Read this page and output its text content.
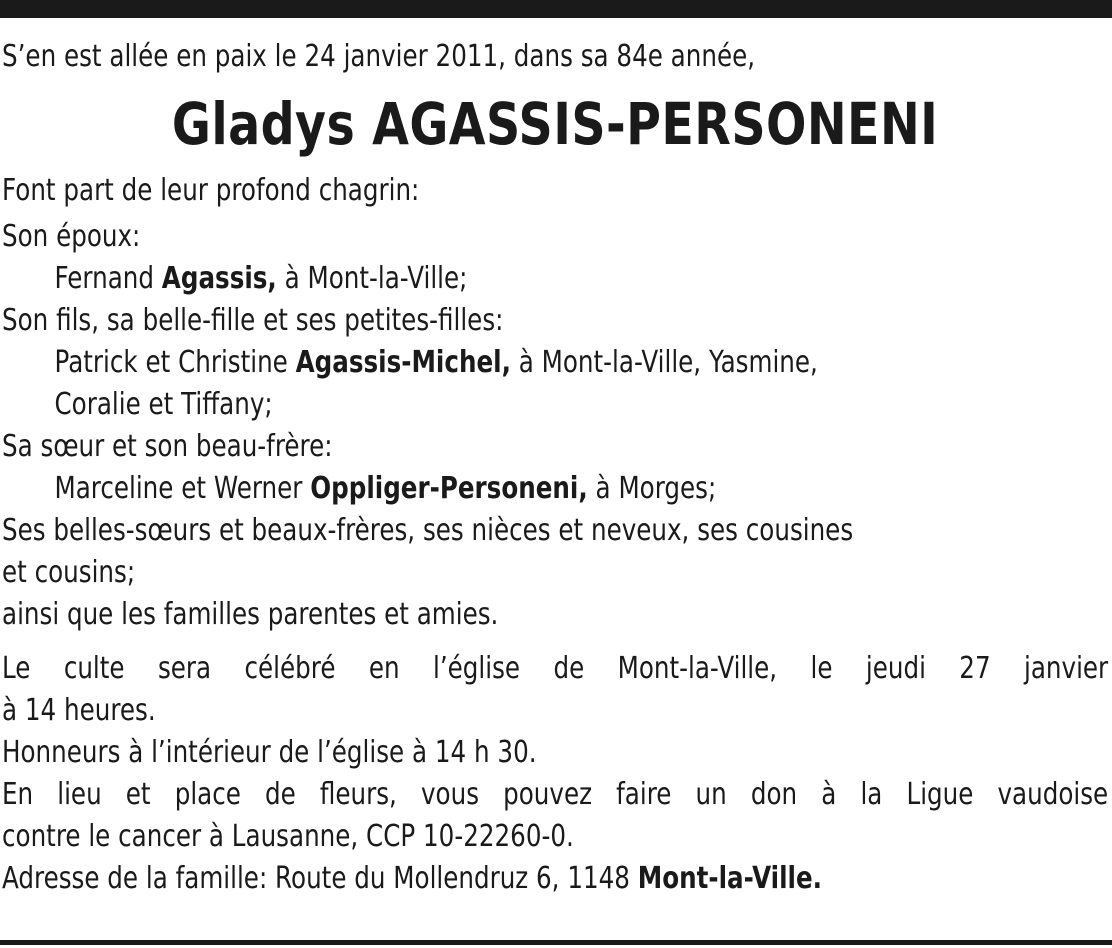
S’en est allée en paix le 24 janvier 2011, dans sa 84e année,
Gladys AGASSIS-PERSONENI
Font part de leur profond chagrin:
Son époux:
Fernand Agassis, à Mont-la-Ville;
Son fils, sa belle-fille et ses petites-filles:
Patrick et Christine Agassis-Michel, à Mont-la-Ville, Yasmine,
Coralie et Tiffany;
Sa sœur et son beau-frère:
Marceline et Werner Oppliger-Personeni, à Morges;
Ses belles-sœurs et beaux-frères, ses nièces et neveux, ses cousines
et cousins;
ainsi que les familles parentes et amies.
Le culte sera célébré en l’église de Mont-la-Ville, le jeudi 27 janvier
à 14 heures.
Honneurs à l’intérieur de l’église à 14 h 30.
En lieu et place de fleurs, vous pouvez faire un don à la Ligue vaudoise
contre le cancer à Lausanne, CCP 10-22260-0.
Adresse de la famille: Route du Mollendruz 6, 1148 Mont-la-Ville.
